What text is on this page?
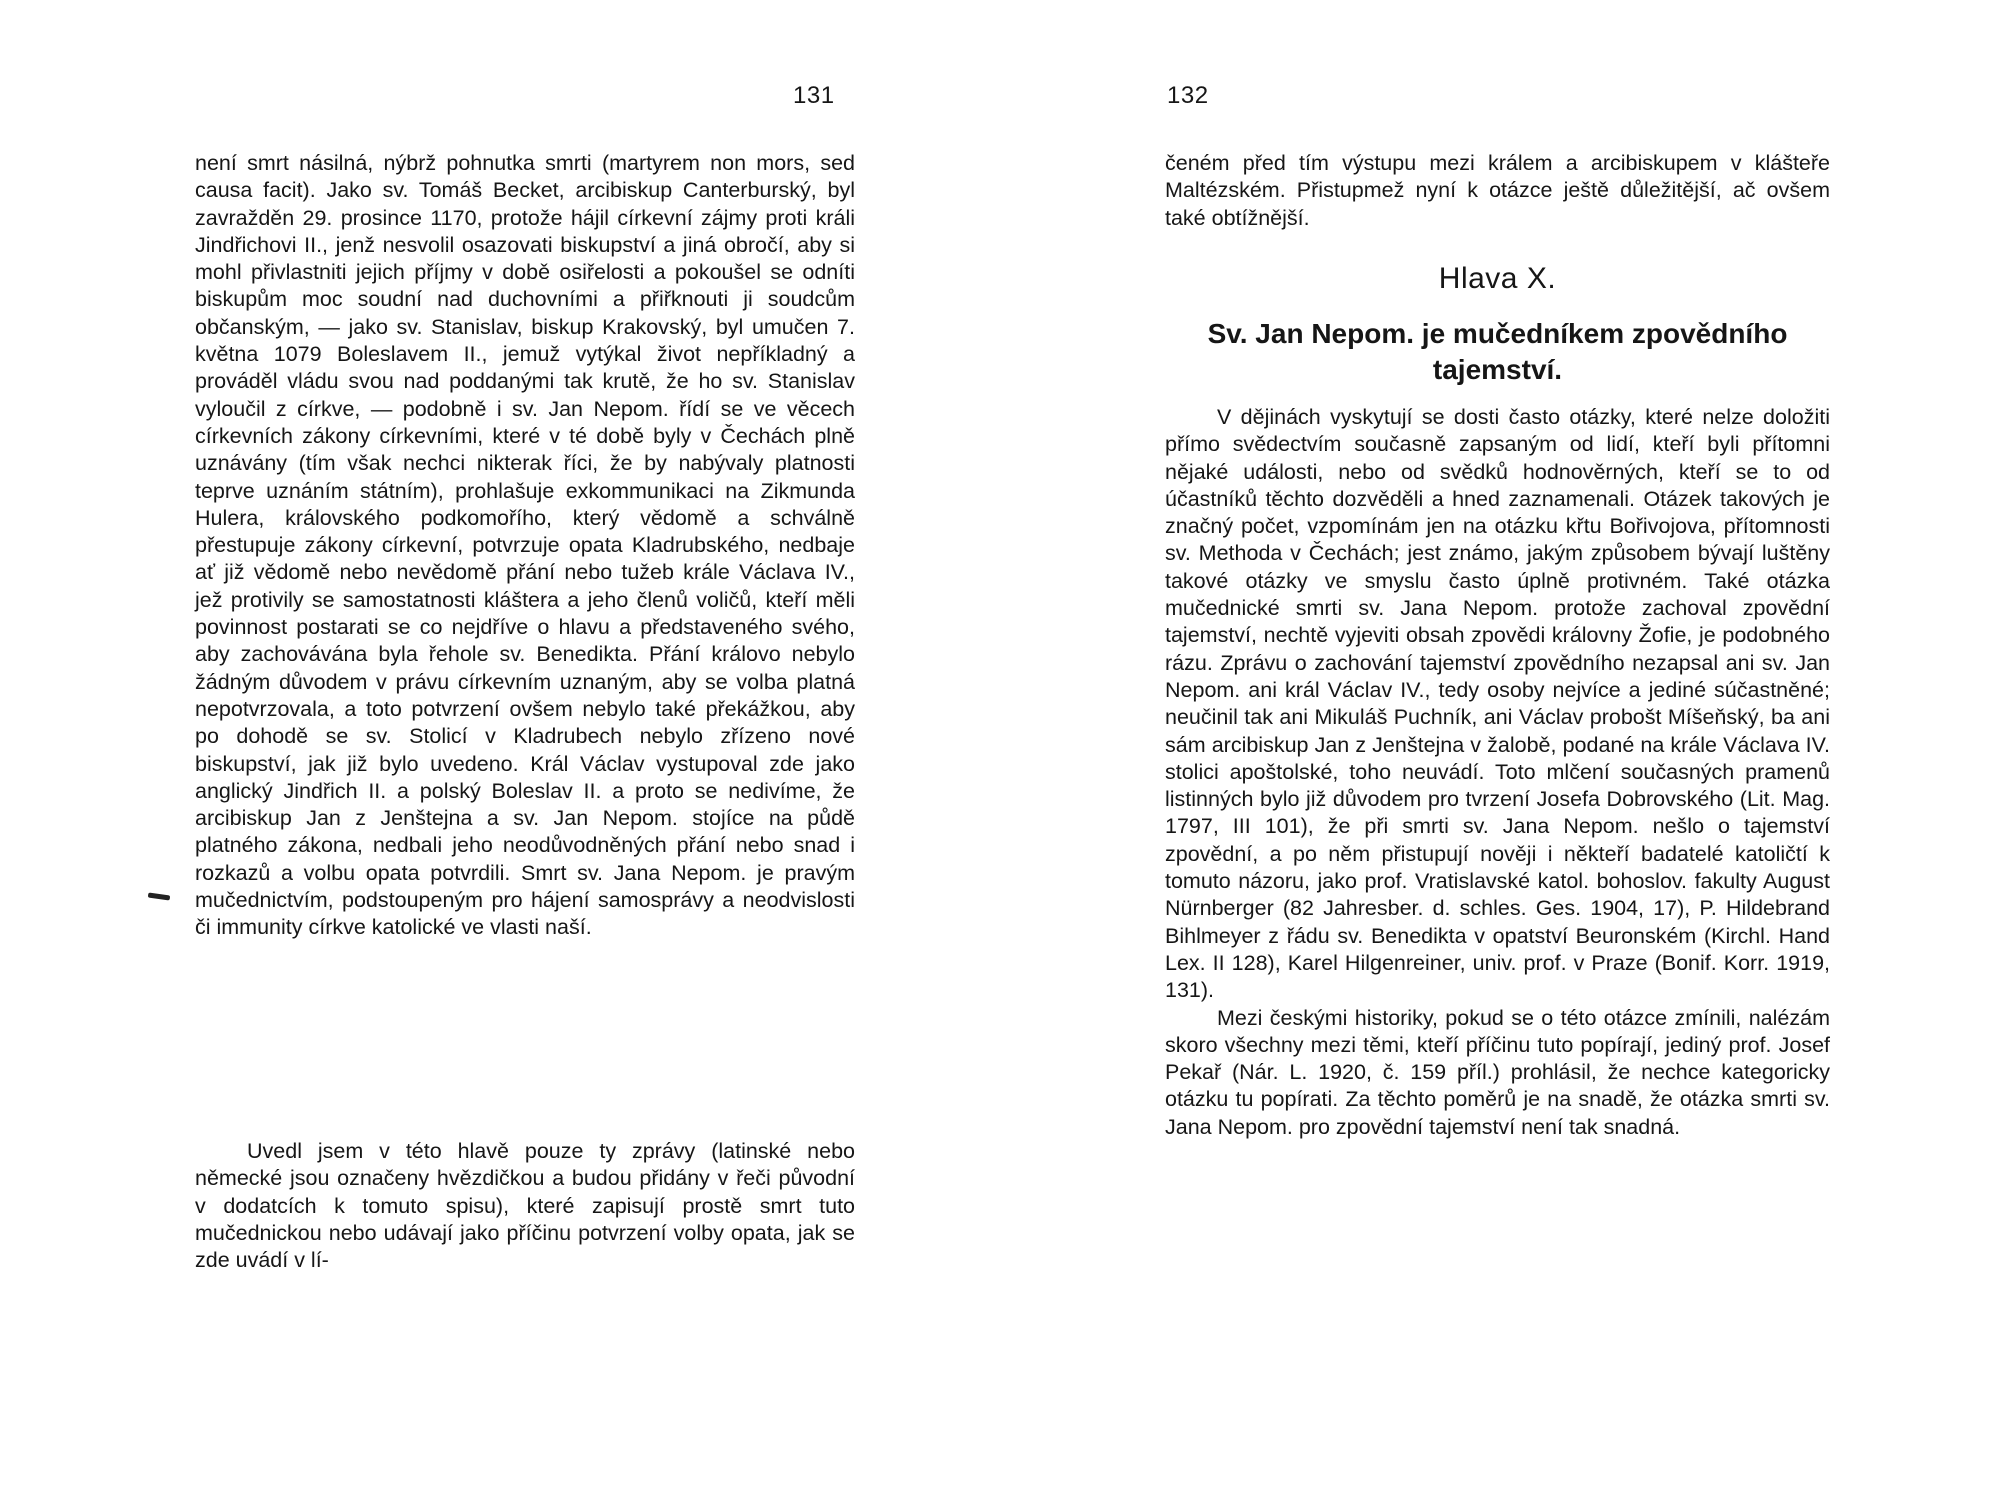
131

není smrt násilná, nýbrž pohnutka smrti (martyrem non mors, sed causa facit). Jako sv. Tomáš Becket, arcibiskup Canterburský, byl zavražděn 29. prosince 1170, protože hájil církevní zájmy proti králi Jindřichovi II., jenž nesvolil osazovati biskupství a jiná obročí, aby si mohl přivlastniti jejich příjmy v době osiřelosti a pokoušel se odníti biskupům moc soudní nad duchovními a přiřknouti ji soudcům občanským, — jako sv. Stanislav, biskup Krakovský, byl umučen 7. května 1079 Boleslavem II., jemuž vytýkal život nepříkladný a prováděl vládu svou nad poddanými tak krutě, že ho sv. Stanislav vyloučil z církve, — podobně i sv. Jan Nepom. řídí se ve věcech církevních zákony církevními, které v té době byly v Čechách plně uznávány (tím však nechci nikterak říci, že by nabývaly platnosti teprve uznáním státním), prohlašuje exkommunikaci na Zikmunda Hulera, královského podkomořího, který vědomě a schválně přestupuje zákony církevní, potvrzuje opata Kladrubského, nedbaje ať již vědomě nebo nevědomě přání nebo tužeb krále Václava IV., jež protivily se samostatnosti kláštera a jeho členů voličů, kteří měli povinnost postarati se co nejdříve o hlavu a představeného svého, aby zachovávána byla řehole sv. Benedikta. Přání královo nebylo žádným důvodem v právu církevním uznaným, aby se volba platná nepotvrzovala, a toto potvrzení ovšem nebylo také překážkou, aby po dohodě se sv. Stolicí v Kladrubech nebylo zřízeno nové biskupství, jak již bylo uvedeno. Král Václav vystupoval zde jako anglický Jindřich II. a polský Boleslav II. a proto se nedivíme, že arcibiskup Jan z Jenštejna a sv. Jan Nepom. stojíce na půdě platného zákona, nedbali jeho neodůvodněných přání nebo snad i rozkazů a volbu opata potvrdili. Smrt sv. Jana Nepom. je pravým mučednictvím, podstoupeným pro hájení samosprávy a neodvislosti či immunity církve katolické ve vlasti naší.

Uvedl jsem v této hlavě pouze ty zprávy (latinské nebo německé jsou označeny hvězdičkou a budou přidány v řeči původní v dodatcích k tomuto spisu), které zapisují prostě smrt tuto mučednickou nebo udávají jako příčinu potvrzení volby opata, jak se zde uvádí v lí-

132

čeném před tím výstupu mezi králem a arcibiskupem v klášteře Maltézském. Přistupmež nyní k otázce ještě důležitější, ač ovšem také obtížnější.

Hlava X.
Sv. Jan Nepom. je mučedníkem zpovědního
tajemství.

V dějinách vyskytují se dosti často otázky, které nelze doložiti přímo svědectvím současně zapsaným od lidí, kteří byli přítomni nějaké události, nebo od svědků hodnověrných, kteří se to od účastníků těchto dozvěděli a hned zaznamenali. Otázek takových je značný počet, vzpomínám jen na otázku křtu Bořivojova, přítomnosti sv. Methoda v Čechách; jest známo, jakým způsobem bývají luštěny takové otázky ve smyslu často úplně protivném. Také otázka mučednické smrti sv. Jana Nepom. protože zachoval zpovědní tajemství, nechtě vyjeviti obsah zpovědi královny Žofie, je podobného rázu. Zprávu o zachování tajemství zpovědního nezapsal ani sv. Jan Nepom. ani král Václav IV., tedy osoby nejvíce a jediné súčastněné; neučinil tak ani Mikuláš Puchník, ani Václav probošt Míšeňský, ba ani sám arcibiskup Jan z Jenštejna v žalobě, podané na krále Václava IV. stolici apoštolské, toho neuvádí. Toto mlčení současných pramenů listinných bylo již důvodem pro tvrzení Josefa Dobrovského (Lit. Mag. 1797, III 101), že při smrti sv. Jana Nepom. nešlo o tajemství zpovědní, a po něm přistupují nověji i někteří badatelé katoličtí k tomuto názoru, jako prof. Vratislavské katol. bohoslov. fakulty August Nürnberger (82 Jahresber. d. schles. Ges. 1904, 17), P. Hildebrand Bihlmeyer z řádu sv. Benedikta v opatství Beuronském (Kirchl. Hand Lex. II 128), Karel Hilgenreiner, univ. prof. v Praze (Bonif. Korr. 1919, 131).

Mezi českými historiky, pokud se o této otázce zmínili, nalézám skoro všechny mezi těmi, kteří příčinu tuto popírají, jediný prof. Josef Pekař (Nár. L. 1920, č. 159 příl.) prohlásil, že nechce kategoricky otázku tu popírati. Za těchto poměrů je na snadě, že otázka smrti sv. Jana Nepom. pro zpovědní tajemství není tak snadná.
